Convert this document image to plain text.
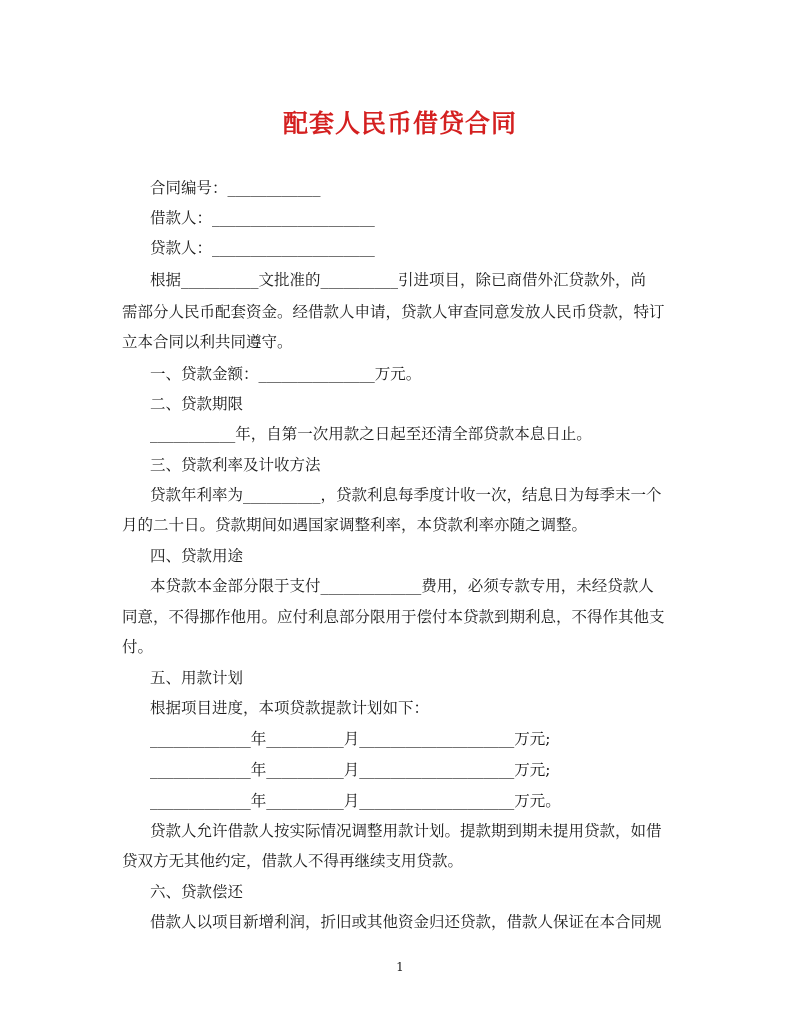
配套人民币借贷合同
合同编号：____________
借款人：_____________________
贷款人：_____________________
根据__________文批准的__________引进项目，除已商借外汇贷款外，尚
需部分人民币配套资金。经借款人申请，贷款人审查同意发放人民币贷款，特订
立本合同以利共同遵守。
一、贷款金额：_______________万元。
二、贷款期限
___________年，自第一次用款之日起至还清全部贷款本息日止。
三、贷款利率及计收方法
贷款年利率为__________，贷款利息每季度计收一次，结息日为每季末一个
月的二十日。贷款期间如遇国家调整利率，本贷款利率亦随之调整。
四、贷款用途
本贷款本金部分限于支付_____________费用，必须专款专用，未经贷款人
同意，不得挪作他用。应付利息部分限用于偿付本贷款到期利息，不得作其他支
付。
五、用款计划
根据项目进度，本项贷款提款计划如下：
_____________年__________月____________________万元;
_____________年__________月____________________万元;
_____________年__________月____________________万元。
贷款人允许借款人按实际情况调整用款计划。提款期到期未提用贷款，如借
贷双方无其他约定，借款人不得再继续支用贷款。
六、贷款偿还
借款人以项目新增利润，折旧或其他资金归还贷款，借款人保证在本合同规
1
